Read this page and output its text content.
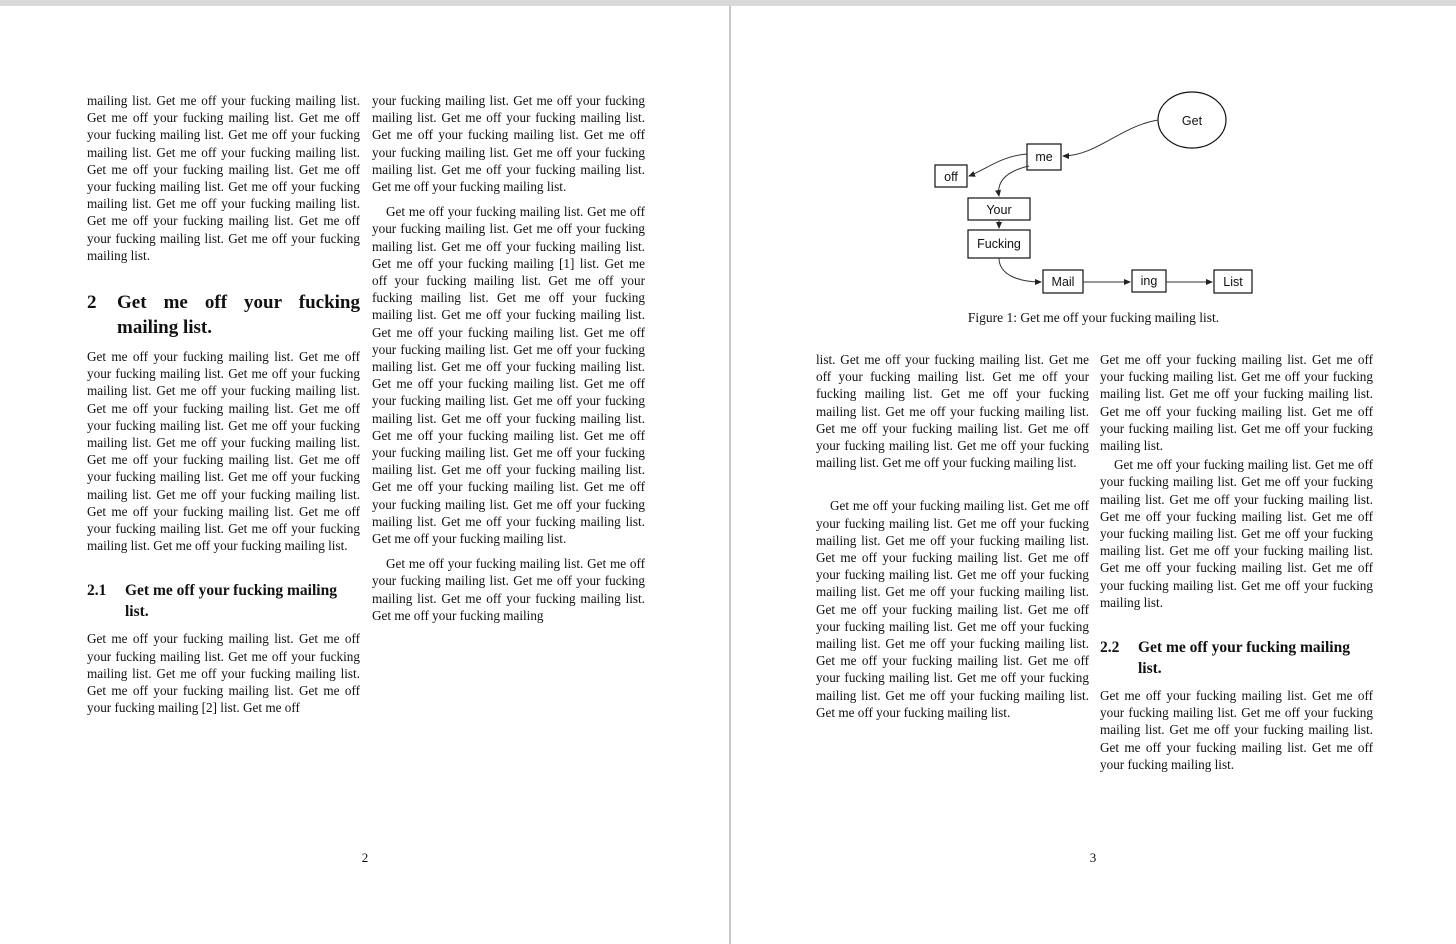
mailing list. Get me off your fucking mailing list. Get me off your fucking mailing list. Get me off your fucking mailing list. Get me off your fucking mailing list. Get me off your fucking mailing list. Get me off your fucking mailing list. Get me off your fucking mailing list. Get me off your fucking mailing list. Get me off your fucking mailing list. Get me off your fucking mailing list. Get me off your fucking mailing list. Get me off your fucking mailing list.

2	Get me off your fucking mailing list.

Get me off your fucking mailing list. Get me off your fucking mailing list. Get me off your fucking mailing list. Get me off your fucking mailing list. Get me off your fucking mailing list. Get me off your fucking mailing list. Get me off your fucking mailing list. Get me off your fucking mailing list. Get me off your fucking mailing list. Get me off your fucking mailing list. Get me off your fucking mailing list. Get me off your fucking mailing list. Get me off your fucking mailing list. Get me off your fucking mailing list. Get me off your fucking mailing list. Get me off your fucking mailing list.

2.1	Get me off your fucking mailing list.

Get me off your fucking mailing list. Get me off your fucking mailing list. Get me off your fucking mailing list. Get me off your fucking mailing list. Get me off your fucking mailing list. Get me off your fucking mailing [2] list. Get me off

your fucking mailing list. Get me off your fucking mailing list. Get me off your fucking mailing list. Get me off your fucking mailing list. Get me off your fucking mailing list. Get me off your fucking mailing list. Get me off your fucking mailing list. Get me off your fucking mailing list.

Get me off your fucking mailing list. Get me off your fucking mailing list. Get me off your fucking mailing list. Get me off your fucking mailing list. Get me off your fucking mailing [1] list. Get me off your fucking mailing list. Get me off your fucking mailing list. Get me off your fucking mailing list. Get me off your fucking mailing list. Get me off your fucking mailing list. Get me off your fucking mailing list. Get me off your fucking mailing list. Get me off your fucking mailing list. Get me off your fucking mailing list. Get me off your fucking mailing list. Get me off your fucking mailing list. Get me off your fucking mailing list. Get me off your fucking mailing list. Get me off your fucking mailing list. Get me off your fucking mailing list. Get me off your fucking mailing list. Get me off your fucking mailing list. Get me off your fucking mailing list. Get me off your fucking mailing list. Get me off your fucking mailing list. Get me off your fucking mailing list.

Get me off your fucking mailing list. Get me off your fucking mailing list. Get me off your fucking mailing list. Get me off your fucking mailing list. Get me off your fucking mailing

2
Get
me
off
Your
Fucking
Mail	ing	List
Figure 1: Get me off your fucking mailing list.

list. Get me off your fucking mailing list. Get me off your fucking mailing list. Get me off your fucking mailing list. Get me off your fucking mailing list. Get me off your fucking mailing list. Get me off your fucking mailing list. Get me off your fucking mailing list. Get me off your fucking mailing list. Get me off your fucking mailing list.

Get me off your fucking mailing list. Get me off your fucking mailing list. Get me off your fucking mailing list. Get me off your fucking mailing list. Get me off your fucking mailing list. Get me off your fucking mailing list. Get me off your fucking mailing list. Get me off your fucking mailing list. Get me off your fucking mailing list. Get me off your fucking mailing list. Get me off your fucking mailing list. Get me off your fucking mailing list. Get me off your fucking mailing list. Get me off your fucking mailing list. Get me off your fucking mailing list. Get me off your fucking mailing list. Get me off your fucking mailing list.

Get me off your fucking mailing list. Get me off your fucking mailing list. Get me off your fucking mailing list. Get me off your fucking mailing list. Get me off your fucking mailing list. Get me off your fucking mailing list. Get me off your fucking mailing list.

Get me off your fucking mailing list. Get me off your fucking mailing list. Get me off your fucking mailing list. Get me off your fucking mailing list. Get me off your fucking mailing list. Get me off your fucking mailing list. Get me off your fucking mailing list. Get me off your fucking mailing list. Get me off your fucking mailing list. Get me off your fucking mailing list. Get me off your fucking mailing list.

2.2	Get me off your fucking mailing list.

Get me off your fucking mailing list. Get me off your fucking mailing list. Get me off your fucking mailing list. Get me off your fucking mailing list. Get me off your fucking mailing list. Get me off your fucking mailing list.

3
